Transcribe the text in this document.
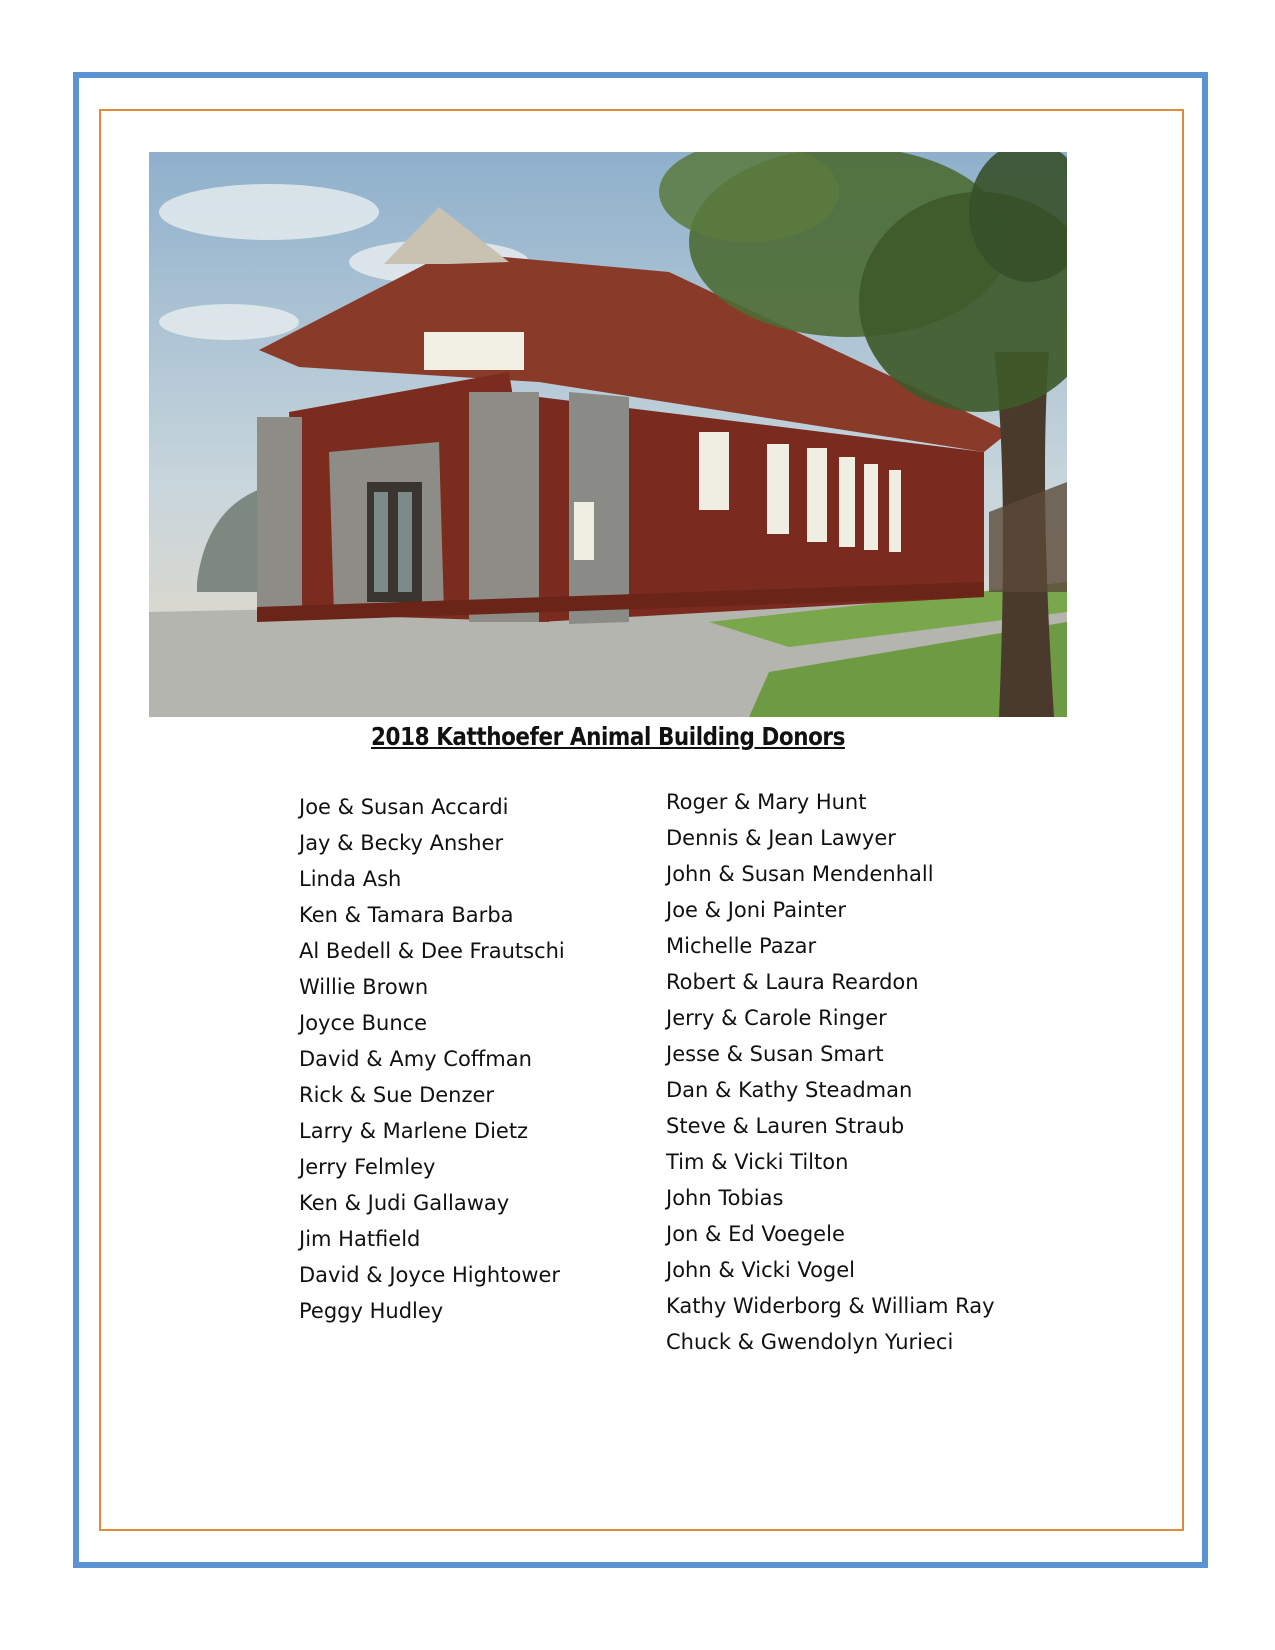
2018 Katthoefer Animal Building Donors
Joe & Susan Accardi
Jay & Becky Ansher
Linda Ash
Ken & Tamara Barba
Al Bedell & Dee Frautschi
Willie Brown
Joyce Bunce
David & Amy Coffman
Rick & Sue Denzer
Larry & Marlene Dietz
Jerry Felmley
Ken & Judi Gallaway
Jim Hatfield
David & Joyce Hightower
Peggy Hudley
Roger & Mary Hunt
Dennis & Jean Lawyer
John & Susan Mendenhall
Joe & Joni Painter
Michelle Pazar
Robert & Laura Reardon
Jerry & Carole Ringer
Jesse & Susan Smart
Dan & Kathy Steadman
Steve & Lauren Straub
Tim & Vicki Tilton
John Tobias
Jon & Ed Voegele
John & Vicki Vogel
Kathy Widerborg & William Ray
Chuck & Gwendolyn Yurieci
